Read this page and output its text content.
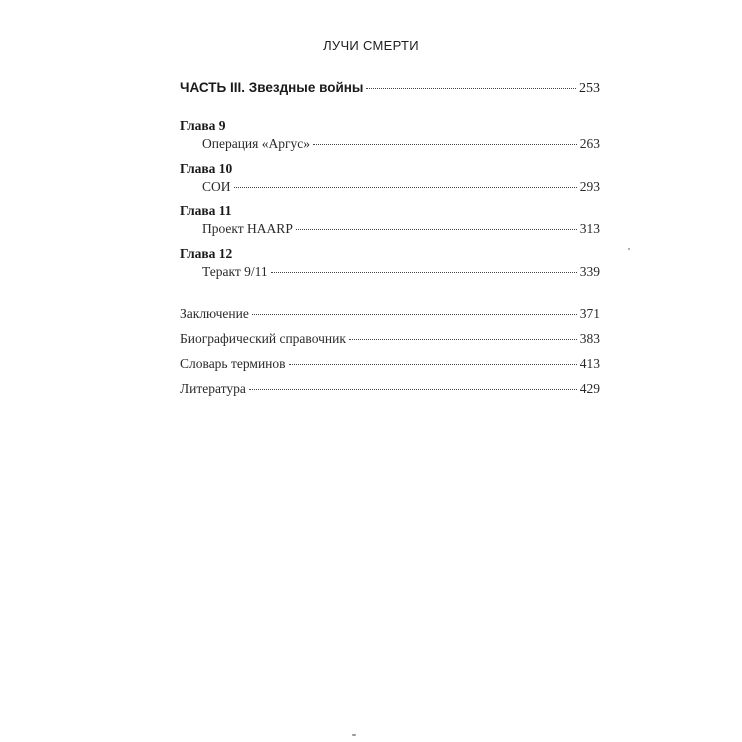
ЛУЧИ СМЕРТИ
ЧАСТЬ III. Звездные войны	253
Глава 9
Операция «Аргус»	263
Глава 10
СОИ	293
Глава 11
Проект HAARP	313
Глава 12
Теракт 9/11	339
Заключение	371
Биографический справочник	383
Словарь терминов	413
Литература	429
